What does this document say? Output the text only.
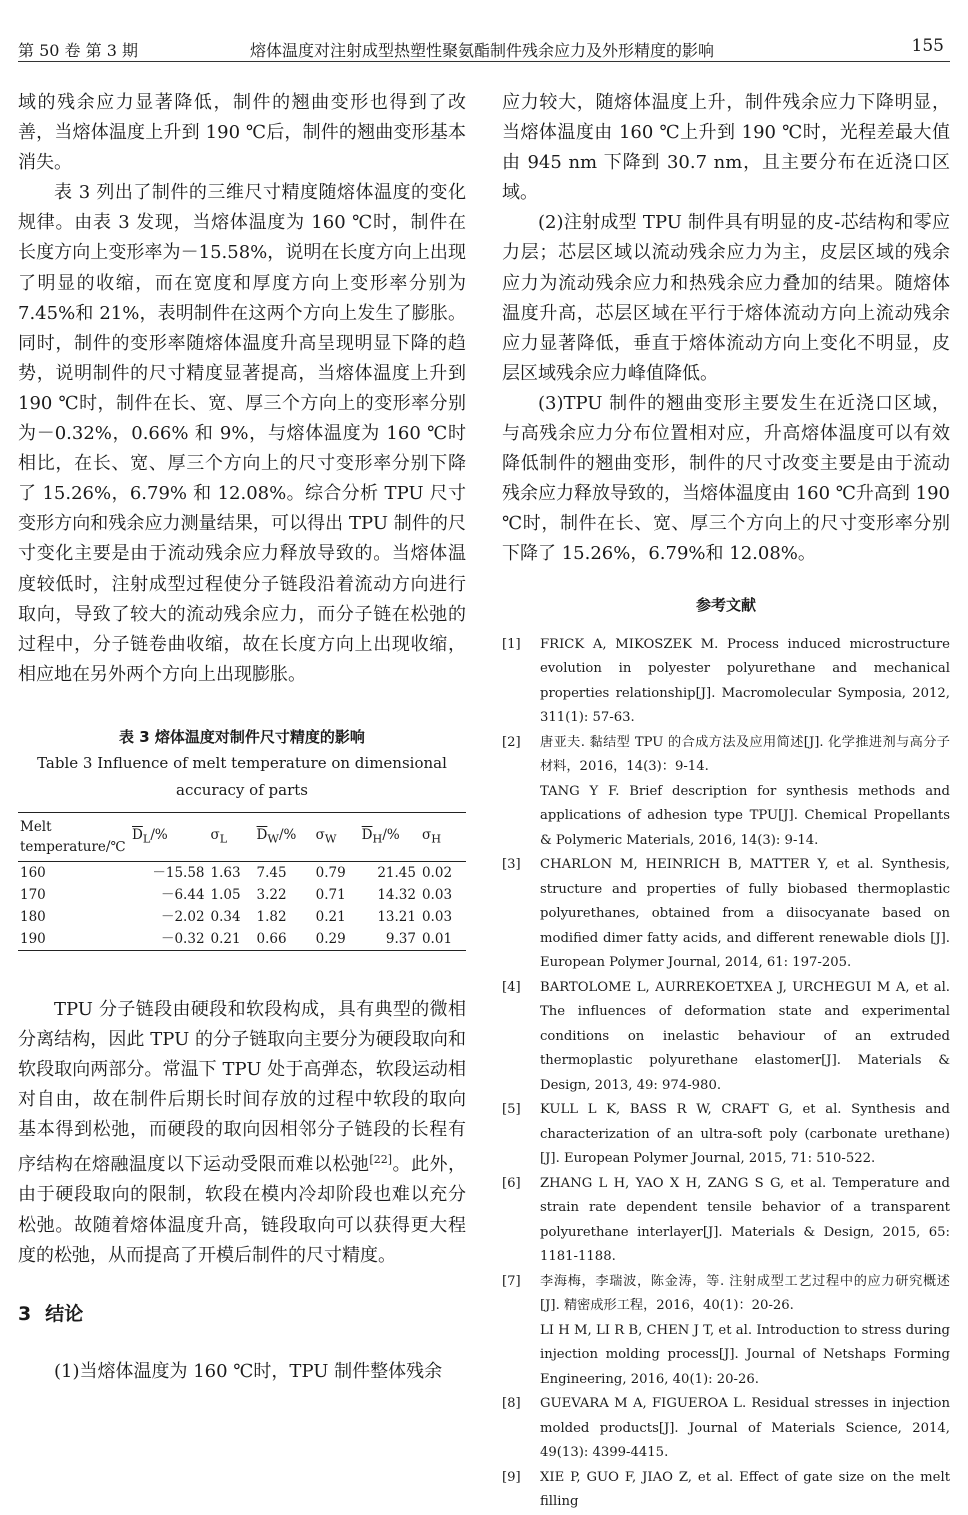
第 50 卷 第 3 期	熔体温度对注射成型热塑性聚氨酯制件残余应力及外形精度的影响	155

域的残余应力显著降低，制件的翘曲变形也得到了改善，当熔体温度上升到 190 ℃后，制件的翘曲变形基本消失。

表 3 列出了制件的三维尺寸精度随熔体温度的变化规律。由表 3 发现，当熔体温度为 160 ℃时，制件在长度方向上变形率为－15.58%，说明在长度方向上出现了明显的收缩，而在宽度和厚度方向上变形率分别为 7.45%和 21%，表明制件在这两个方向上发生了膨胀。同时，制件的变形率随熔体温度升高呈现明显下降的趋势，说明制件的尺寸精度显著提高，当熔体温度上升到 190 ℃时，制件在长、宽、厚三个方向上的变形率分别为－0.32%，0.66% 和 9%，与熔体温度为 160 ℃时相比，在长、宽、厚三个方向上的尺寸变形率分别下降了 15.26%，6.79% 和 12.08%。综合分析 TPU 尺寸变形方向和残余应力测量结果，可以得出 TPU 制件的尺寸变化主要是由于流动残余应力释放导致的。当熔体温度较低时，注射成型过程使分子链段沿着流动方向进行取向，导致了较大的流动残余应力，而分子链在松弛的过程中，分子链卷曲收缩，故在长度方向上出现收缩，相应地在另外两个方向上出现膨胀。

表 3 熔体温度对制件尺寸精度的影响
Table 3 Influence of melt temperature on dimensional accuracy of parts
Melt
temperature/℃	$\overline{D}_L/\%$	$\sigma_L$	$\overline{D}_W/\%$	$\sigma_W$	$\overline{D}_H/\%$	$\sigma_H$
160	－15.58	1.63	7.45	0.79	21.45	0.02
170	－6.44	1.05	3.22	0.71	14.32	0.03
180	－2.02	0.34	1.82	0.21	13.21	0.03
190	－0.32	0.21	0.66	0.29	9.37	0.01

TPU 分子链段由硬段和软段构成，具有典型的微相分离结构，因此 TPU 的分子链取向主要分为硬段取向和软段取向两部分。常温下 TPU 处于高弹态，软段运动相对自由，故在制件后期长时间存放的过程中软段的取向基本得到松弛，而硬段的取向因相邻分子链段的长程有序结构在熔融温度以下运动受限而难以松弛[22]。此外，由于硬段取向的限制，软段在模内冷却阶段也难以充分松弛。故随着熔体温度升高，链段取向可以获得更大程度的松弛，从而提高了开模后制件的尺寸精度。

3 结论

(1)当熔体温度为 160 ℃时，TPU 制件整体残余

应力较大，随熔体温度上升，制件残余应力下降明显，当熔体温度由 160 ℃上升到 190 ℃时，光程差最大值由 945 nm 下降到 30.7 nm，且主要分布在近浇口区域。

(2)注射成型 TPU 制件具有明显的皮-芯结构和零应力层；芯层区域以流动残余应力为主，皮层区域的残余应力为流动残余应力和热残余应力叠加的结果。随熔体温度升高，芯层区域在平行于熔体流动方向上流动残余应力显著降低，垂直于熔体流动方向上变化不明显，皮层区域残余应力峰值降低。

(3)TPU 制件的翘曲变形主要发生在近浇口区域，与高残余应力分布位置相对应，升高熔体温度可以有效降低制件的翘曲变形，制件的尺寸改变主要是由于流动残余应力释放导致的，当熔体温度由 160 ℃升高到 190 ℃时，制件在长、宽、厚三个方向上的尺寸变形率分别下降了 15.26%，6.79%和 12.08%。

参考文献
[1]	FRICK A, MIKOSZEK M. Process induced microstructure evolution in polyester polyurethane and mechanical properties relationship[J]. Macromolecular Symposia, 2012, 311(1): 57-63.
[2]	唐亚夫. 黏结型 TPU 的合成方法及应用简述[J]. 化学推进剂与高分子材料，2016，14(3)：9-14.
TANG Y F. Brief description for synthesis methods and applications of adhesion type TPU[J]. Chemical Propellants & Polymeric Materials, 2016, 14(3): 9-14.
[3]	CHARLON M, HEINRICH B, MATTER Y, et al. Synthesis, structure and properties of fully biobased thermoplastic polyurethanes, obtained from a diisocyanate based on modified dimer fatty acids, and different renewable diols [J]. European Polymer Journal, 2014, 61: 197-205.
[4]	BARTOLOME L, AURREKOETXEA J, URCHEGUI M A, et al. The influences of deformation state and experimental conditions on inelastic behaviour of an extruded thermoplastic polyurethane elastomer[J]. Materials & Design, 2013, 49: 974-980.
[5]	KULL L K, BASS R W, CRAFT G, et al. Synthesis and characterization of an ultra-soft poly (carbonate urethane)[J]. European Polymer Journal, 2015, 71: 510-522.
[6]	ZHANG L H, YAO X H, ZANG S G, et al. Temperature and strain rate dependent tensile behavior of a transparent polyurethane interlayer[J]. Materials & Design, 2015, 65: 1181-1188.
[7]	李海梅，李瑞波，陈金涛，等. 注射成型工艺过程中的应力研究概述[J]. 精密成形工程，2016，40(1)：20-26.
LI H M, LI R B, CHEN J T, et al. Introduction to stress during injection molding process[J]. Journal of Netshaps Forming Engineering, 2016, 40(1): 20-26.
[8]	GUEVARA M A, FIGUEROA L. Residual stresses in injection molded products[J]. Journal of Materials Science, 2014, 49(13): 4399-4415.
[9]	XIE P, GUO F, JIAO Z, et al. Effect of gate size on the melt filling
